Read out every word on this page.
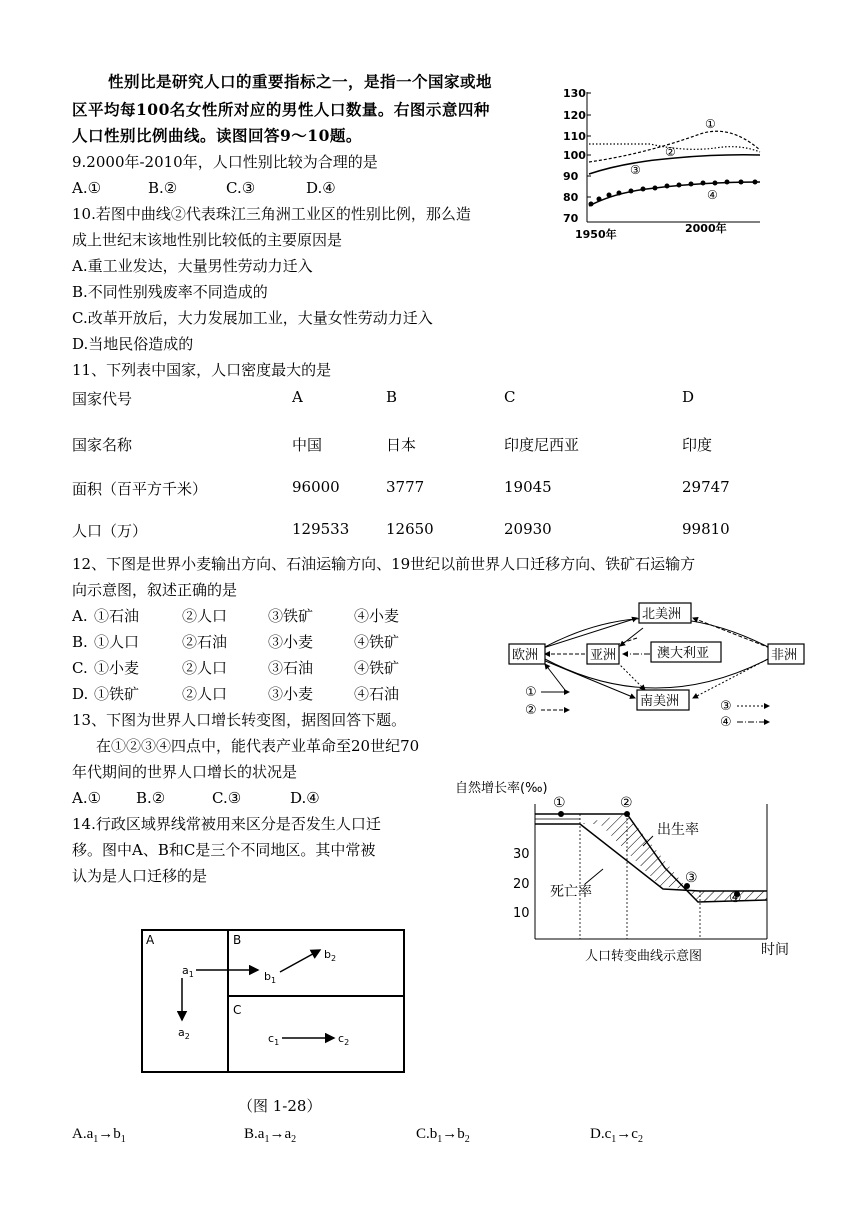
性别比是研究人口的重要指标之一，是指一个国家或地
区平均每100名女性所对应的男性人口数量。右图示意四种
人口性别比例曲线。读图回答9～10题。
130
120
110
100
90
80
70
①
②
③
④
1950年	2000年
9.2000年-2010年，人口性别比较为合理的是
A.①	B.②	C.③	D.④
10.若图中曲线②代表珠江三角洲工业区的性别比例，那么造
成上世纪末该地性别比较低的主要原因是
A.重工业发达，大量男性劳动力迁入
B.不同性别残废率不同造成的
C.改革开放后，大力发展加工业，大量女性劳动力迁入
D.当地民俗造成的
11、下列表中国家，人口密度最大的是
国家代号	A	B	C	D
国家名称	中国	日本	印度尼西亚	印度
面积（百平方千米）	96000	3777	19045	29747
人口（万）	129533 12650	20930	99810
12、下图是世界小麦输出方向、石油运输方向、19世纪以前世界人口迁移方向、铁矿石运输方
向示意图，叙述正确的是
A. ①石油	②人口	③铁矿	④小麦
B. ①人口	②石油	③小麦	④铁矿
C. ①小麦	②人口	③石油	④铁矿
D. ①铁矿	②人口	③小麦	④石油
北美洲
欧洲	亚洲	澳大利亚	非洲
南美洲
①
②	③
④
13、下图为世界人口增长转变图，据图回答下题。
在①②③④四点中，能代表产业革命至20世纪70
年代期间的世界人口增长的状况是
A.① B.②	C.③	D.④
自然增长率(‰)
30
20
10
①	②
③
④
出生率
死亡率
时间
人口转变曲线示意图
14.行政区域界线常被用来区分是否发生人口迁
移。图中A、B和C是三个不同地区。其中常被
认为是人口迁移的是
A	B
C
$a_1$
$a_2$
$b_1$
$b_2$
$c_1$	$c_2$
（图 1-28）
$A.a_1\to b_1$	$B.a_1\to a_2$	$C.b_1\to b_2$	$D.c_1\to c_2$
